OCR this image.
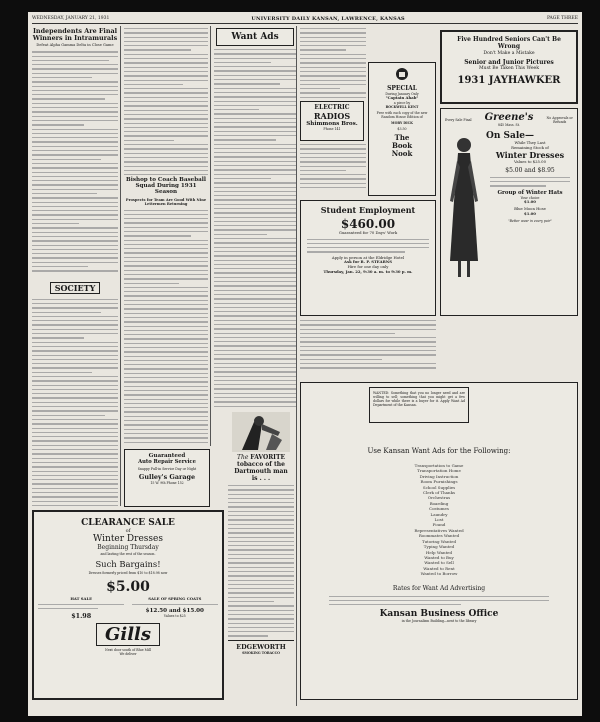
WEDNESDAY, JANUARY 21, 1931	UNIVERSITY DAILY KANSAN, LAWRENCE, KANSAS	PAGE THREE
Independents Are Final Winners in Intramurals
Defeat Alpha Gamma Delta in Close Game
SOCIETY
Bishop to Coach Baseball Squad During 1931 Season
Prospects for Team Are Good With Nine Lettermen Returning
Guaranteed
Auto Repair Service
Snappy Pull-in Service Day or Night
Gulley's Garage
15 W. 9th Phone 152
CLEARANCE SALE
of
Winter Dresses
Beginning Thursday
and lasting the rest of the season.
Such Bargains!
Dresses formerly priced from $10 to $18.98 now
$5.00
HAT SALE
$1.98
SALE OF SPRING COATS
$12.50 and $15.00
Values to $25
Gills
Next door south of Blue Mill
We deliver
The FAVORITE
tobacco of the
Dartmouth man
is . . .
EDGEWORTH
SMOKING TOBACCO
Want Ads
ELECTRIC
RADIOS
Shimmons Bros.
Phone 141
SPECIAL
During January Only
"Captain Ahab"
a piece by
ROCKWELL KENT
Free with each copy of the new Random House Edition of
MOBY DICK
$3.50
The
Book
Nook
Five Hundred Seniors Can't Be Wrong
Don't Make a Mistake
Senior and Junior Pictures
Must Be Taken This Week
1931 JAYHAWKER
Every Sale Final	Greene's
845 Mass. St.
No Approvals or Refunds
On Sale—
While They Last
Remaining Stock of
Winter Dresses
Values to $25.00
$5.00 and $8.95
Group of Winter Hats
Your choice
$1.00
Blue Moon Hose
$1.00
"Better wear in every pair"
Student Employment
$460.00
Guaranteed for 70 Days' Work
Apply in person at the Eldridge Hotel
Ask for R. P. STEARNS
Hire for one day only
Thursday, Jan. 22, 9:30 a. m. to 9:30 p. m.
WANTED: Something that you no longer need and are willing to sell; something that you might get a few dollars for while there is a buyer for it. Apply Want Ad Department of the Kansan.
Use Kansan Want Ads for the Following:
Transportation to Game
Transportation Home
Driving Instruction
Room Furnishings
School Supplies
Clerk of Thanks
Orchestras
Boarding
Costumes
Laundry
Lost
Found
Representatives Wanted
Roommates Wanted
Tutoring Wanted
Typing Wanted
Help Wanted
Wanted to Buy
Wanted to Sell
Wanted to Rent
Wanted to Borrow
Rates for Want Ad Advertising
Kansan Business Office
in the Journalism Building—next to the library
